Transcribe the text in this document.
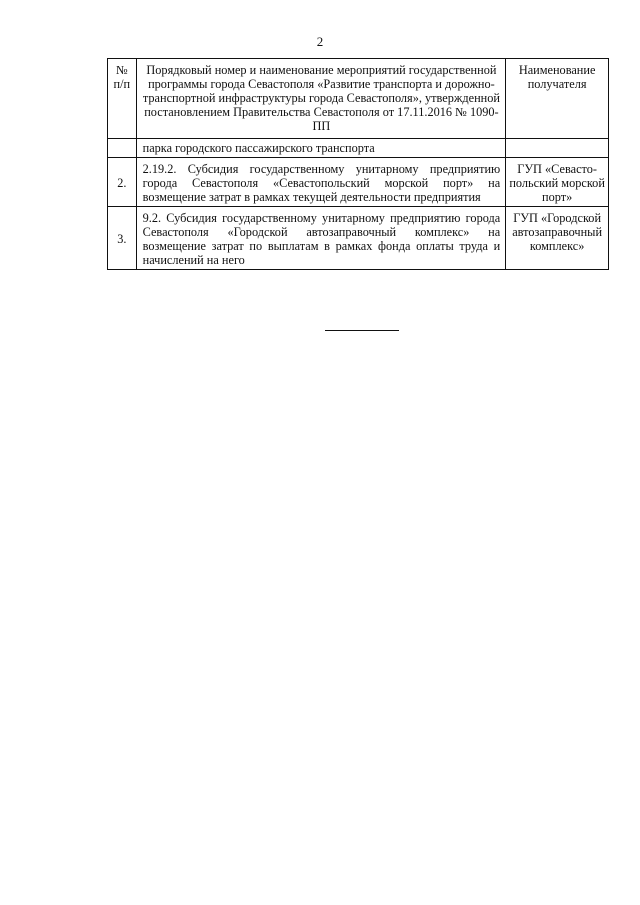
2
№ п/п	Порядковый номер и наименование мероприятий государственной программы города Севастополя «Развитие транспорта и дорожно-транспортной инфраструктуры города Севастополя», утвержденной постановлением Правительства Севастополя от 17.11.2016 № 1090-ПП	Наименование получателя
	парка городского пассажирского транспорта	
2.	2.19.2. Субсидия государственному унитарному предприятию города Севастополя «Севастопольский морской порт» на возмещение затрат в рамках текущей деятельности предприятия	ГУП «Севасто-польский морской порт»
3.	9.2. Субсидия государственному унитарному предприятию города Севастополя «Городской автозаправочный комплекс» на возмещение затрат по выплатам в рамках фонда оплаты труда и начислений на него	ГУП «Городской автозаправочный комплекс»
